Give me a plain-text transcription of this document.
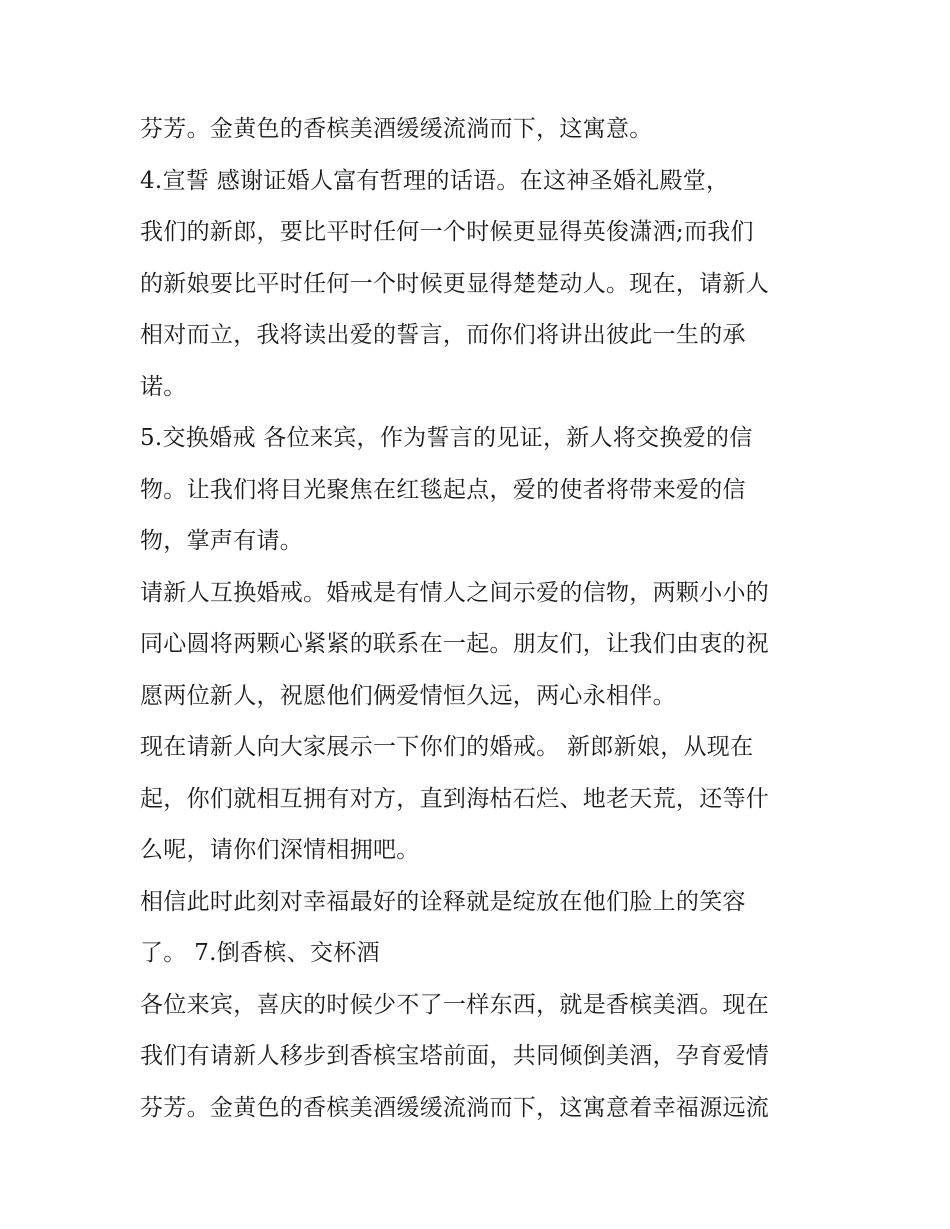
芬芳。金黄色的香槟美酒缓缓流淌而下，这寓意。
4.宣誓 感谢证婚人富有哲理的话语。在这神圣婚礼殿堂，
我们的新郎，要比平时任何一个时候更显得英俊潇洒;而我们
的新娘要比平时任何一个时候更显得楚楚动人。现在，请新人
相对而立，我将读出爱的誓言，而你们将讲出彼此一生的承
诺。
5.交换婚戒 各位来宾，作为誓言的见证，新人将交换爱的信
物。让我们将目光聚焦在红毯起点，爱的使者将带来爱的信
物，掌声有请。
请新人互换婚戒。婚戒是有情人之间示爱的信物，两颗小小的
同心圆将两颗心紧紧的联系在一起。朋友们，让我们由衷的祝
愿两位新人，祝愿他们俩爱情恒久远，两心永相伴。
现在请新人向大家展示一下你们的婚戒。 新郎新娘，从现在
起，你们就相互拥有对方，直到海枯石烂、地老天荒，还等什
么呢，请你们深情相拥吧。
相信此时此刻对幸福最好的诠释就是绽放在他们脸上的笑容
了。 7.倒香槟、交杯酒
各位来宾，喜庆的时候少不了一样东西，就是香槟美酒。现在
我们有请新人移步到香槟宝塔前面，共同倾倒美酒，孕育爱情
芬芳。金黄色的香槟美酒缓缓流淌而下，这寓意着幸福源远流
